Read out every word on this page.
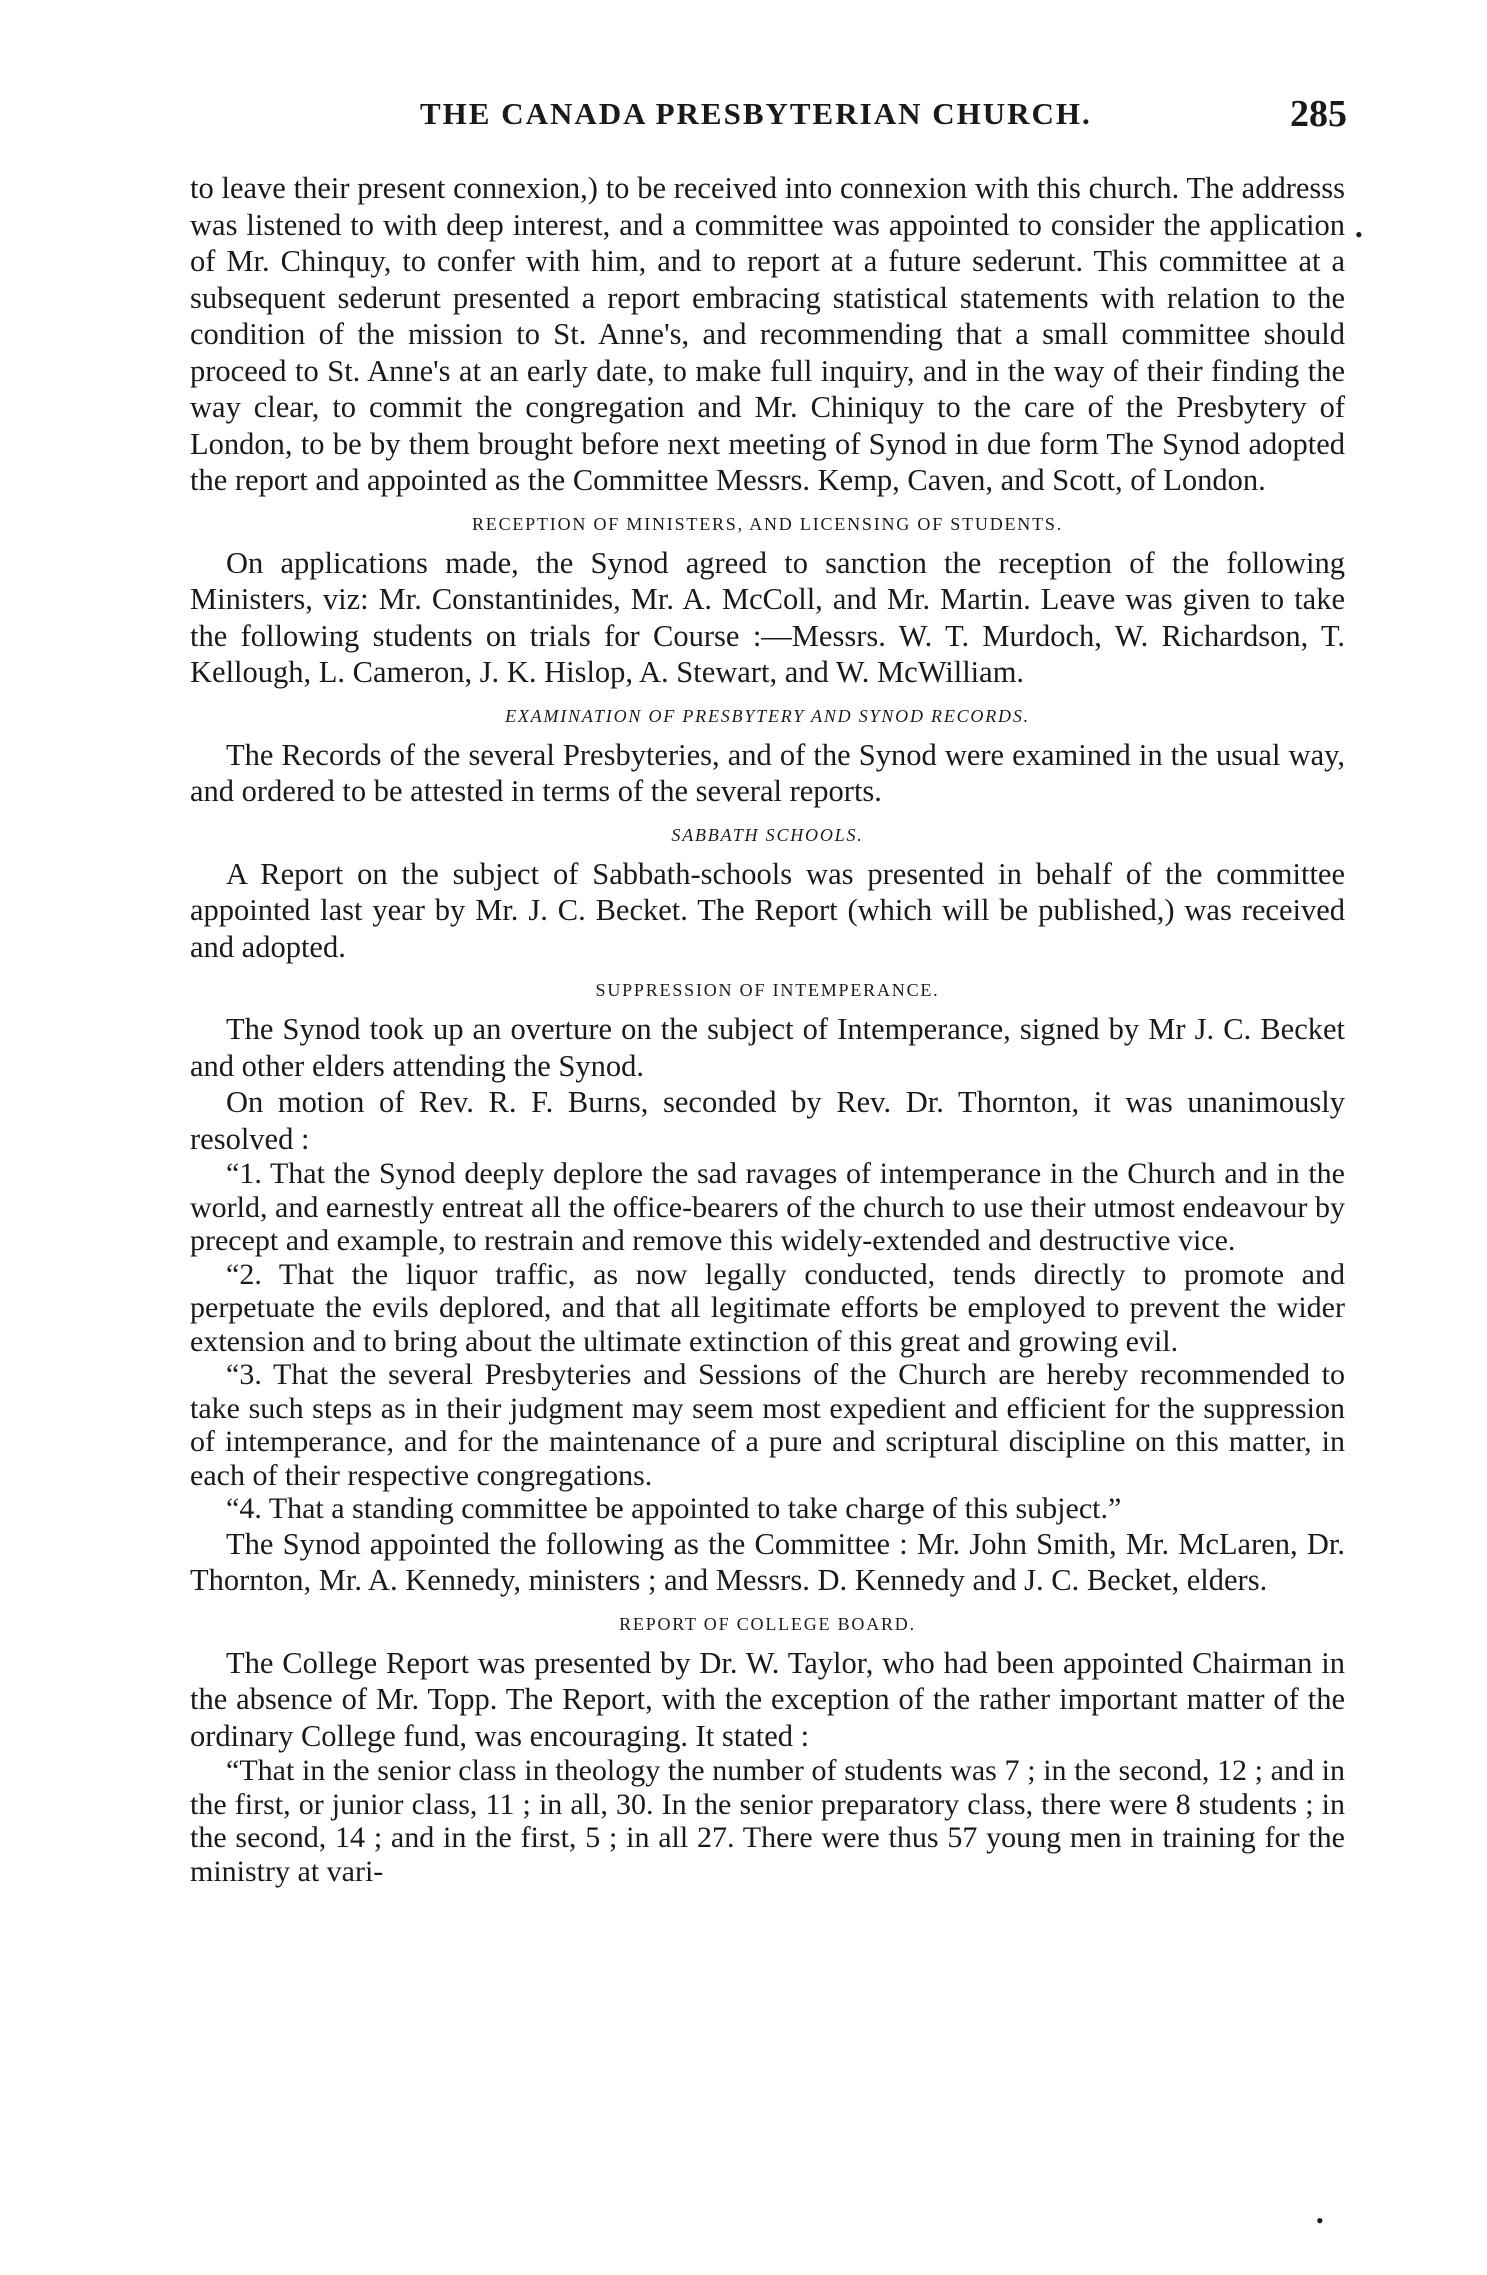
THE CANADA PRESBYTERIAN CHURCH.	285
•

to leave their present connexion,) to be received into connexion with this church. The addresss was listened to with deep interest, and a committee was appointed to consider the application of Mr. Chinquy, to confer with him, and to report at a future sederunt. This committee at a subsequent sederunt presented a report embracing statistical statements with relation to the condition of the mission to St. Anne's, and recommending that a small committee should proceed to St. Anne's at an early date, to make full inquiry, and in the way of their finding the way clear, to commit the congregation and Mr. Chiniquy to the care of the Presbytery of London, to be by them brought before next meeting of Synod in due form The Synod adopted the report and appointed as the Committee Messrs. Kemp, Caven, and Scott, of London.

RECEPTION OF MINISTERS, AND LICENSING OF STUDENTS.

On applications made, the Synod agreed to sanction the reception of the following Ministers, viz: Mr. Constantinides, Mr. A. McColl, and Mr. Martin. Leave was given to take the following students on trials for Course :—Messrs. W. T. Murdoch, W. Richardson, T. Kellough, L. Cameron, J. K. Hislop, A. Stewart, and W. McWilliam.

EXAMINATION OF PRESBYTERY AND SYNOD RECORDS.

The Records of the several Presbyteries, and of the Synod were examined in the usual way, and ordered to be attested in terms of the several reports.

SABBATH SCHOOLS.

A Report on the subject of Sabbath-schools was presented in behalf of the committee appointed last year by Mr. J. C. Becket. The Report (which will be published,) was received and adopted.

SUPPRESSION OF INTEMPERANCE.

The Synod took up an overture on the subject of Intemperance, signed by Mr J. C. Becket and other elders attending the Synod.

On motion of Rev. R. F. Burns, seconded by Rev. Dr. Thornton, it was unanimously resolved :

“1. That the Synod deeply deplore the sad ravages of intemperance in the Church and in the world, and earnestly entreat all the office-bearers of the church to use their utmost endeavour by precept and example, to restrain and remove this widely-extended and destructive vice.

“2. That the liquor traffic, as now legally conducted, tends directly to promote and perpetuate the evils deplored, and that all legitimate efforts be employed to prevent the wider extension and to bring about the ultimate extinction of this great and growing evil.

“3. That the several Presbyteries and Sessions of the Church are hereby recommended to take such steps as in their judgment may seem most expedient and efficient for the suppression of intemperance, and for the maintenance of a pure and scriptural discipline on this matter, in each of their respective congregations.

“4. That a standing committee be appointed to take charge of this subject.”

The Synod appointed the following as the Committee : Mr. John Smith, Mr. McLaren, Dr. Thornton, Mr. A. Kennedy, ministers ; and Messrs. D. Kennedy and J. C. Becket, elders.

REPORT OF COLLEGE BOARD.

The College Report was presented by Dr. W. Taylor, who had been appointed Chairman in the absence of Mr. Topp. The Report, with the exception of the rather important matter of the ordinary College fund, was encouraging. It stated :

“That in the senior class in theology the number of students was 7 ; in the second, 12 ; and in the first, or junior class, 11 ; in all, 30. In the senior preparatory class, there were 8 students ; in the second, 14 ; and in the first, 5 ; in all 27. There were thus 57 young men in training for the ministry at vari-

•
